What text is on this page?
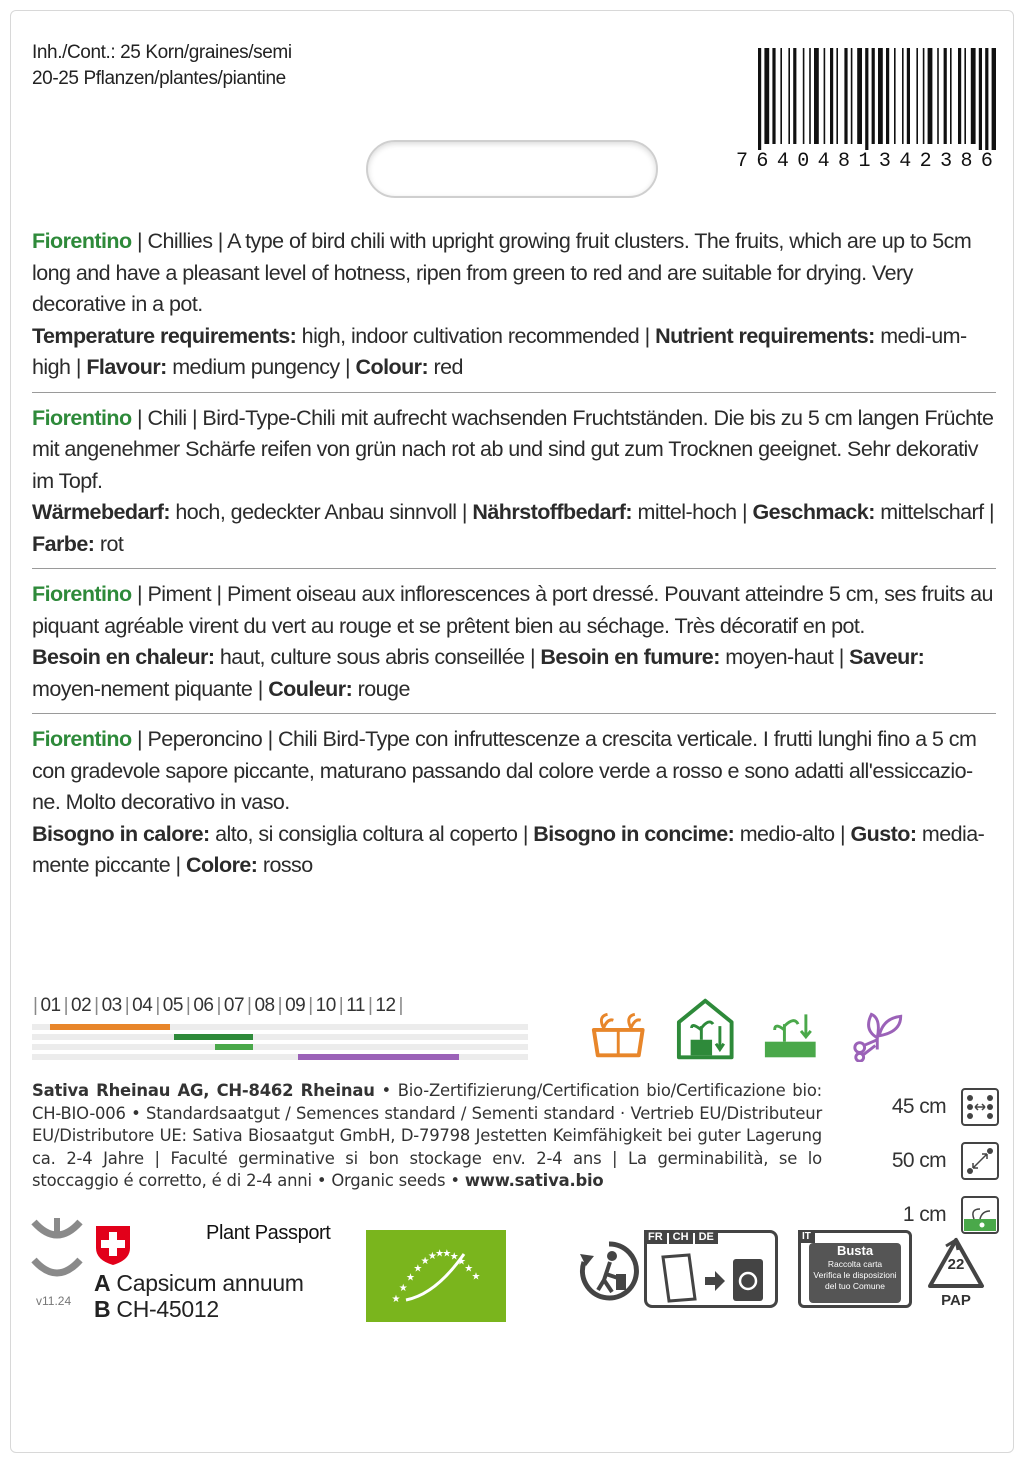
Inh./Cont.: 25 Korn/graines/semi
20-25 Pflanzen/plantes/piantine
7 6 4 0 4 8 1 3 4 2 3 8 6
Fiorentino | Chillies | A type of bird chili with upright growing fruit clusters. The fruits, which are up to 5cm long and have a pleasant level of hotness, ripen from green to red and are suitable for drying. Very decorative in a pot.
Temperature requirements: high, indoor cultivation recommended | Nutrient requirements: medi-um-high | Flavour: medium pungency | Colour: red
Fiorentino | Chili | Bird-Type-Chili mit aufrecht wachsenden Fruchtständen. Die bis zu 5 cm langen Früchte mit angenehmer Schärfe reifen von grün nach rot ab und sind gut zum Trocknen geeignet. Sehr dekorativ im Topf.
Wärmebedarf: hoch, gedeckter Anbau sinnvoll | Nährstoffbedarf: mittel-hoch | Geschmack: mittelscharf | Farbe: rot
Fiorentino | Piment | Piment oiseau aux inflorescences à port dressé. Pouvant atteindre 5 cm, ses fruits au piquant agréable virent du vert au rouge et se prêtent bien au séchage. Très décoratif en pot.
Besoin en chaleur: haut, culture sous abris conseillée | Besoin en fumure: moyen-haut | Saveur: moyen-nement piquante | Couleur: rouge
Fiorentino | Peperoncino | Chili Bird-Type con infruttescenze a crescita verticale. I frutti lunghi fino a 5 cm con gradevole sapore piccante, maturano passando dal colore verde a rosso e sono adatti all'essiccazio-ne. Molto decorativo in vaso.
Bisogno in calore: alto, si consiglia coltura al coperto | Bisogno in concime: medio-alto | Gusto: media-mente piccante | Colore: rosso
| 01 | 02 | 03 | 04 | 05 | 06 | 07 | 08 | 09 | 10 | 11 | 12 |
Sativa Rheinau AG, CH-8462 Rheinau • Bio-Zertifizierung/Certification bio/Certificazione bio: CH-BIO-006 • Standardsaatgut / Semences standard / Sementi standard · Vertrieb EU/Distributeur EU/Distributore UE: Sativa Biosaatgut GmbH, D-79798 Jestetten Keimfähigkeit bei guter Lagerung ca. 2-4 Jahre | Faculté germinative si bon stockage env. 2-4 ans | La germinabilità, se lo stoccaggio é corretto, é di 2-4 anni • Organic seeds • www.sativa.bio
45 cm
50 cm
1 cm
v11.24
Plant Passport
A Capsicum annuum
B CH-45012	★
★
★
★
★
★
★
★
★
★
★
★
FR CH DE	IT
Busta
Raccolta carta
Verifica le disposizioni
del tuo Comune
22
PAP
